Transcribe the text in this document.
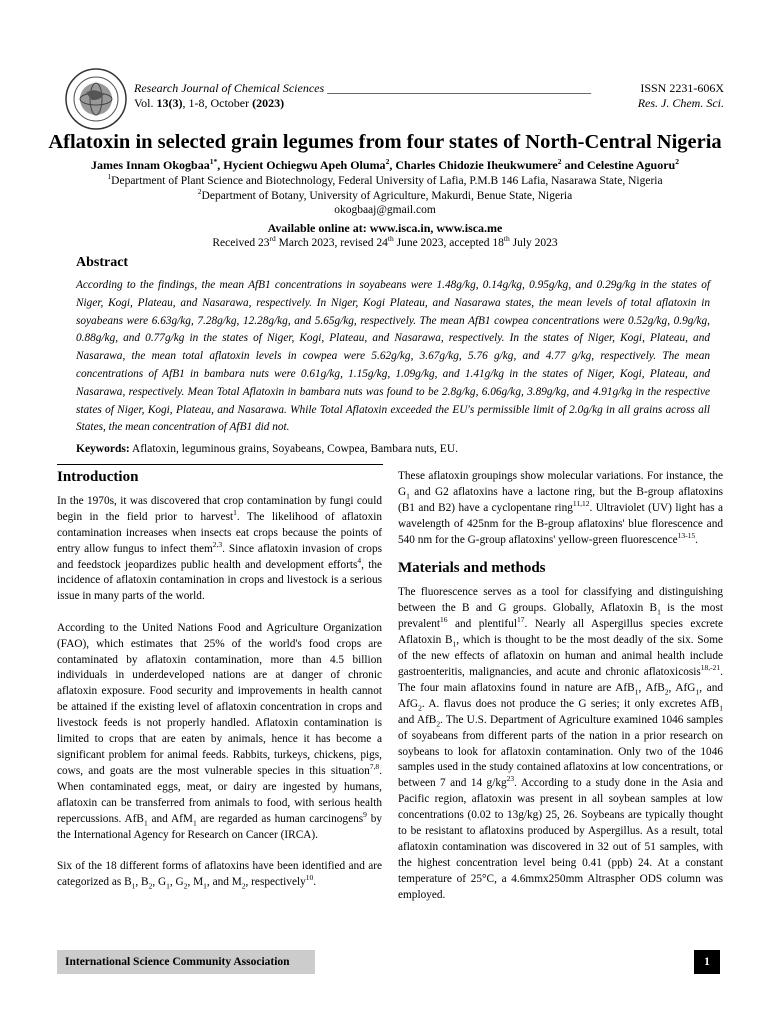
Research Journal of Chemical Sciences ____________________________________________
Vol. 13(3), 1-8, October (2023)
ISSN 2231-606X
Res. J. Chem. Sci.
Aflatoxin in selected grain legumes from four states of North-Central Nigeria
James Innam Okogbaa$^{1*}$, Hycient Ochiegwu Apeh Oluma$^2$, Charles Chidozie Iheukwumere$^2$ and Celestine Aguoru$^2$
$^1$Department of Plant Science and Biotechnology, Federal University of Lafia, P.M.B 146 Lafia, Nasarawa State, Nigeria
$^2$Department of Botany, University of Agriculture, Makurdi, Benue State, Nigeria
okogbaaj@gmail.com
Available online at: www.isca.in, www.isca.me
Received 23rd March 2023, revised 24th June 2023, accepted 18th July 2023
Abstract
According to the findings, the mean AfB1 concentrations in soyabeans were 1.48g/kg, 0.14g/kg, 0.95g/kg, and 0.29g/kg in the states of Niger, Kogi, Plateau, and Nasarawa, respectively. In Niger, Kogi Plateau, and Nasarawa states, the mean levels of total aflatoxin in soyabeans were 6.63g/kg, 7.28g/kg, 12.28g/kg, and 5.65g/kg, respectively. The mean AfB1 cowpea concentrations were 0.52g/kg, 0.9g/kg, 0.88g/kg, and 0.77g/kg in the states of Niger, Kogi, Plateau, and Nasarawa, respectively. In the states of Niger, Kogi, Plateau, and Nasarawa, the mean total aflatoxin levels in cowpea were 5.62g/kg, 3.67g/kg, 5.76 g/kg, and 4.77 g/kg, respectively. The mean concentrations of AfB1 in bambara nuts were 0.61g/kg, 1.15g/kg, 1.09g/kg, and 1.41g/kg in the states of Niger, Kogi, Plateau, and Nasarawa, respectively. Mean Total Aflatoxin in bambara nuts was found to be 2.8g/kg, 6.06g/kg, 3.89g/kg, and 4.91g/kg in the respective states of Niger, Kogi, Plateau, and Nasarawa. While Total Aflatoxin exceeded the EU's permissible limit of 2.0g/kg in all grains across all States, the mean concentration of AfB1 did not.
Keywords: Aflatoxin, leguminous grains, Soyabeans, Cowpea, Bambara nuts, EU.
Introduction

In the 1970s, it was discovered that crop contamination by fungi could begin in the field prior to harvest$^1$. The likelihood of aflatoxin contamination increases when insects eat crops because the points of entry allow fungus to infect them$^{2,3}$. Since aflatoxin invasion of crops and feedstock jeopardizes public health and development efforts$^4$, the incidence of aflatoxin contamination in crops and livestock is a serious issue in many parts of the world.

According to the United Nations Food and Agriculture Organization (FAO), which estimates that 25% of the world's food crops are contaminated by aflatoxin contamination, more than 4.5 billion individuals in underdeveloped nations are at danger of chronic aflatoxin exposure. Food security and improvements in health cannot be attained if the existing level of aflatoxin concentration in crops and livestock feeds is not properly handled. Aflatoxin contamination is limited to crops that are eaten by animals, hence it has become a significant problem for animal feeds. Rabbits, turkeys, chickens, pigs, cows, and goats are the most vulnerable species in this situation$^{7,8}$. When contaminated eggs, meat, or dairy are ingested by humans, aflatoxin can be transferred from animals to food, with serious health repercussions. AfB$_1$ and AfM$_1$ are regarded as human carcinogens$^9$ by the International Agency for Research on Cancer (IRCA).

Six of the 18 different forms of aflatoxins have been identified and are categorized as $B_1$, $B_2$, $G_1$, $G_2$, $M_1$, and $M_2$, respectively$^{10}$.

These aflatoxin groupings show molecular variations. For instance, the $G_1$ and G2 aflatoxins have a lactone ring, but the B-group aflatoxins (B1 and B2) have a cyclopentane ring$^{11,12}$. Ultraviolet (UV) light has a wavelength of 425nm for the B-group aflatoxins' blue florescence and 540 nm for the G-group aflatoxins' yellow-green fluorescence$^{13-15}$.

Materials and methods

The fluorescence serves as a tool for classifying and distinguishing between the B and G groups. Globally, Aflatoxin $B_1$ is the most prevalent$^{16}$ and plentiful$^{17}$. Nearly all Aspergillus species excrete Aflatoxin $B_1$, which is thought to be the most deadly of the six. Some of the new effects of aflatoxin on human and animal health include gastroenteritis, malignancies, and acute and chronic aflatoxicosis$^{18,-21}$. The four main aflatoxins found in nature are AfB$_1$, AfB$_2$, AfG$_1$, and AfG$_2$. A. flavus does not produce the G series; it only excretes AfB$_1$ and AfB$_2$. The U.S. Department of Agriculture examined 1046 samples of soyabeans from different parts of the nation in a prior research on soybeans to look for aflatoxin contamination. Only two of the 1046 samples used in the study contained aflatoxins at low concentrations, or between 7 and 14 $g/kg^{23}$. According to a study done in the Asia and Pacific region, aflatoxin was present in all soybean samples at low concentrations (0.02 to 13g/kg) 25, 26. Soybeans are typically thought to be resistant to aflatoxins produced by Aspergillus. As a result, total aflatoxin contamination was discovered in 32 out of 51 samples, with the highest concentration level being 0.41 (ppb) 24. At a constant temperature of 25°C, a 4.6mmx250mm Altraspher ODS column was employed.

International Science Community Association	1
